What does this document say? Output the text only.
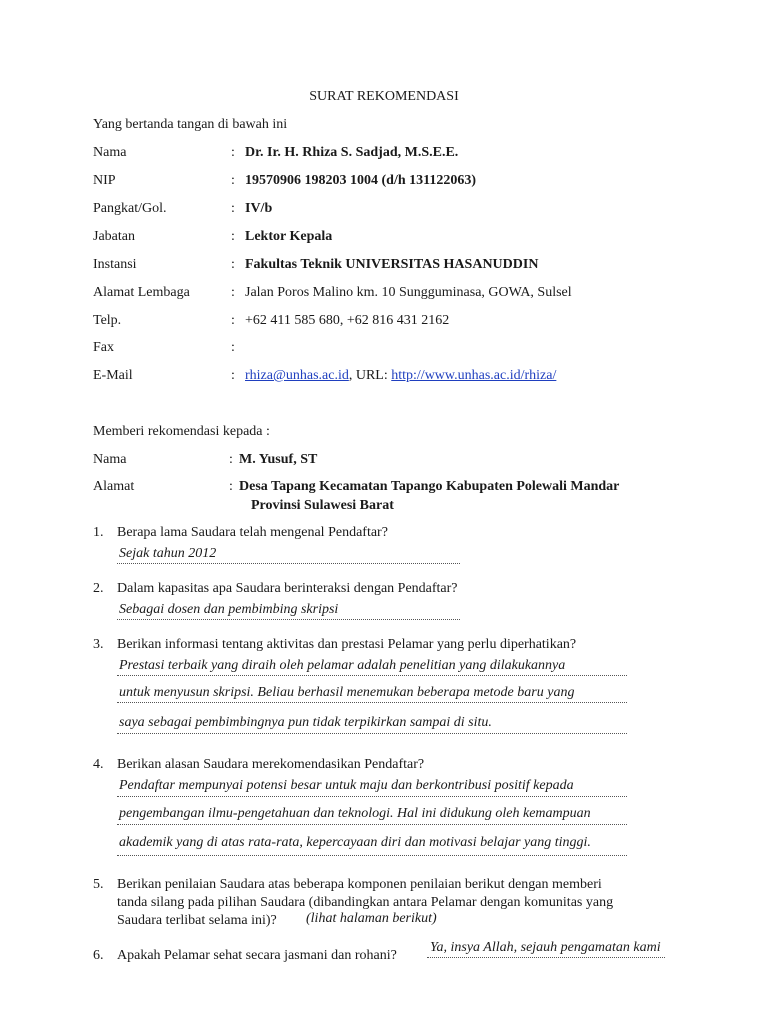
SURAT REKOMENDASI
Yang bertanda tangan di bawah ini
Nama	: Dr. Ir. H. Rhiza S. Sadjad, M.S.E.E.
NIP	: 19570906 198203 1004 (d/h 131122063)
Pangkat/Gol.	: IV/b
Jabatan	: Lektor Kepala
Instansi	: Fakultas Teknik UNIVERSITAS HASANUDDIN
Alamat Lembaga	: Jalan Poros Malino km. 10 Sungguminasa, GOWA, Sulsel
Telp.	: +62 411 585 680, +62 816 431 2162
Fax	:
E-Mail	: rhiza@unhas.ac.id, URL: http://www.unhas.ac.id/rhiza/
Memberi rekomendasi kepada :
Nama	: M. Yusuf, ST
Alamat	: Desa Tapang Kecamatan Tapango Kabupaten Polewali Mandar
Provinsi Sulawesi Barat
1. Berapa lama Saudara telah mengenal Pendaftar?
Sejak tahun 2012
2. Dalam kapasitas apa Saudara berinteraksi dengan Pendaftar?
Sebagai dosen dan pembimbing skripsi
3. Berikan informasi tentang aktivitas dan prestasi Pelamar yang perlu diperhatikan?
Prestasi terbaik yang diraih oleh pelamar adalah penelitian yang dilakukannya
untuk menyusun skripsi. Beliau berhasil menemukan beberapa metode baru yang
saya sebagai pembimbingnya pun tidak terpikirkan sampai di situ.
4. Berikan alasan Saudara merekomendasikan Pendaftar?
Pendaftar mempunyai potensi besar untuk maju dan berkontribusi positif kepada
pengembangan ilmu-pengetahuan dan teknologi. Hal ini didukung oleh kemampuan
akademik yang di atas rata-rata, kepercayaan diri dan motivasi belajar yang tinggi.
5. Berikan penilaian Saudara atas beberapa komponen penilaian berikut dengan memberi
tanda silang pada pilihan Saudara (dibandingkan antara Pelamar dengan komunitas yang
Saudara terlibat selama ini)? (lihat halaman berikut)
6. Apakah Pelamar sehat secara jasmani dan rohani?
Ya, insya Allah, sejauh pengamatan kami
